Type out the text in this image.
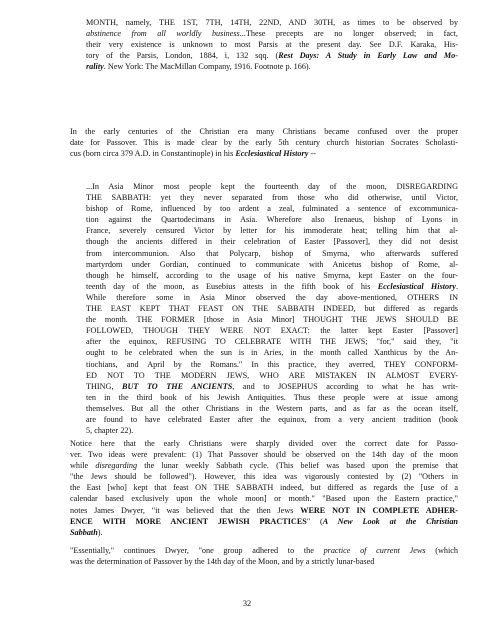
MONTH, namely, THE 1ST, 7TH, 14TH, 22ND, AND 30TH, as times to be observed by
abstinence from all worldly business...These precepts are no longer observed; in fact,
their very existence is unknown to most Parsis at the present day. See D.F. Karaka, His-
tory of the Parsis, London, 1884, i, 132 sqq. (Rest Days: A Study in Early Law and Mo-
rality. New York: The MacMillan Company, 1916. Footnote p. 166).
In the early centuries of the Christian era many Christians became confused over the proper
date for Passover. This is made clear by the early 5th century church historian Socrates Scholasti-
cus (born circa 379 A.D. in Constantinople) in his Ecclesiastical History --
...In Asia Minor most people kept the fourteenth day of the moon, DISREGARDING
THE SABBATH: yet they never separated from those who did otherwise, until Victor,
bishop of Rome, influenced by too ardent a zeal, fulminated a sentence of excommunica-
tion against the Quartodecimans in Asia. Wherefore also Irenaeus, bishop of Lyons in
France, severely censured Victor by letter for his immoderate heat; telling him that al-
though the ancients differed in their celebration of Easter [Passover], they did not desist
from intercommunion. Also that Polycarp, bishop of Smyrna, who afterwards suffered
martyrdom under Gordian, continued to communicate with Anicetus bishop of Rome, al-
though he himself, according to the usage of his native Smyrna, kept Easter on the four-
teenth day of the moon, as Eusebius attests in the fifth book of his Ecclesiastical History.
While therefore some in Asia Minor observed the day above-mentioned, OTHERS IN
THE EAST KEPT THAT FEAST ON THE SABBATH INDEED, but differed as regards
the month. THE FORMER [those in Asia Minor] THOUGHT THE JEWS SHOULD BE
FOLLOWED, THOUGH THEY WERE NOT EXACT: the latter kept Easter [Passover]
after the equinox, REFUSING TO CELEBRATE WITH THE JEWS; "for," said they, "it
ought to be celebrated when the sun is in Aries, in the month called Xanthicus by the An-
tiochians, and April by the Romans." In this practice, they averred, THEY CONFORM-
ED NOT TO THE MODERN JEWS, WHO ARE MISTAKEN IN ALMOST EVERY-
THING, BUT TO THE ANCIENTS, and to JOSEPHUS according to what he has writ-
ten in the third book of his Jewish Antiquities. Thus these people were at issue among
themselves. But all the other Christians in the Western parts, and as far as the ocean itself,
are found to have celebrated Easter after the equinox, from a very ancient tradition (book
5, chapter 22).
Notice here that the early Christians were sharply divided over the correct date for Passo-
ver. Two ideas were prevalent: (1) That Passover should be observed on the 14th day of the moon
while disregarding the lunar weekly Sabbath cycle. (This belief was based upon the premise that
"the Jews should be followed"). However, this idea was vigorously contested by (2) "Others in
the East [who] kept that feast ON THE SABBATH indeed, but differed as regards the [use of a
calendar based exclusively upon the whole moon] or month." "Based upon the Eastern practice,"
notes James Dwyer, "it was believed that the then Jews WERE NOT IN COMPLETE ADHER-
ENCE WITH MORE ANCIENT JEWISH PRACTICES" (A New Look at the Christian
Sabbath).
"Essentially," continues Dwyer, "one group adhered to the practice of current Jews (which
was the determination of Passover by the 14th day of the Moon, and by a strictly lunar-based
32
